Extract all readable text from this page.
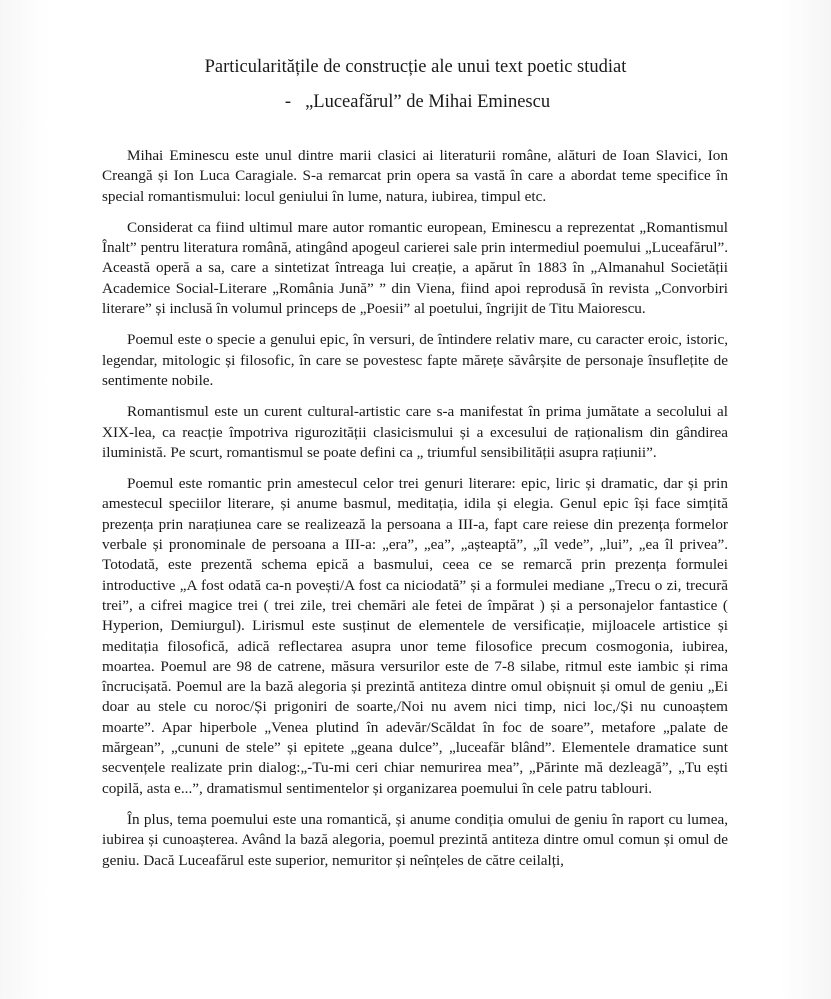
Particularitățile de construcție ale unui text poetic studiat
- „Luceafărul” de Mihai Eminescu

Mihai Eminescu este unul dintre marii clasici ai literaturii române, alături de Ioan Slavici, Ion Creangă și Ion Luca Caragiale. S-a remarcat prin opera sa vastă în care a abordat teme specifice în special romantismului: locul geniului în lume, natura, iubirea, timpul etc.

Considerat ca fiind ultimul mare autor romantic european, Eminescu a reprezentat „Romantismul Înalt” pentru literatura română, atingând apogeul carierei sale prin intermediul poemului „Luceafărul”. Această operă a sa, care a sintetizat întreaga lui creație, a apărut în 1883 în „Almanahul Societății Academice Social-Literare „România Jună” ” din Viena, fiind apoi reprodusă în revista „Convorbiri literare” și inclusă în volumul princeps de „Poesii” al poetului, îngrijit de Titu Maiorescu.

Poemul este o specie a genului epic, în versuri, de întindere relativ mare, cu caracter eroic, istoric, legendar, mitologic și filosofic, în care se povestesc fapte mărețe săvârșite de personaje însuflețite de sentimente nobile.

Romantismul este un curent cultural-artistic care s-a manifestat în prima jumătate a secolului al XIX-lea, ca reacție împotriva rigurozității clasicismului și a excesului de raționalism din gândirea iluministă. Pe scurt, romantismul se poate defini ca „ triumful sensibilității asupra rațiunii”.

Poemul este romantic prin amestecul celor trei genuri literare: epic, liric și dramatic, dar și prin amestecul speciilor literare, și anume basmul, meditația, idila și elegia. Genul epic își face simțită prezența prin narațiunea care se realizează la persoana a III-a, fapt care reiese din prezența formelor verbale și pronominale de persoana a III-a: „era”, „ea”, „așteaptă”, „îl vede”, „lui”, „ea îl privea”. Totodată, este prezentă schema epică a basmului, ceea ce se remarcă prin prezența formulei introductive „A fost odată ca-n povești/A fost ca niciodată” și a formulei mediane „Trecu o zi, trecură trei”, a cifrei magice trei ( trei zile, trei chemări ale fetei de împărat ) și a personajelor fantastice ( Hyperion, Demiurgul). Lirismul este susținut de elementele de versificație, mijloacele artistice și meditația filosofică, adică reflectarea asupra unor teme filosofice precum cosmogonia, iubirea, moartea. Poemul are 98 de catrene, măsura versurilor este de 7-8 silabe, ritmul este iambic și rima încrucișată. Poemul are la bază alegoria și prezintă antiteza dintre omul obișnuit și omul de geniu „Ei doar au stele cu noroc/Și prigoniri de soarte,/Noi nu avem nici timp, nici loc,/Și nu cunoaștem moarte”. Apar hiperbole „Venea plutind în adevăr/Scăldat în foc de soare”, metafore „palate de mărgean”, „cununi de stele” și epitete „geana dulce”, „luceafăr blând”. Elementele dramatice sunt secvențele realizate prin dialog:„-Tu-mi ceri chiar nemurirea mea”, „Părinte mă dezleagă”, „Tu ești copilă, asta e...”, dramatismul sentimentelor și organizarea poemului în cele patru tablouri.

În plus, tema poemului este una romantică, și anume condiția omului de geniu în raport cu lumea, iubirea și cunoașterea. Având la bază alegoria, poemul prezintă antiteza dintre omul comun și omul de geniu. Dacă Luceafărul este superior, nemuritor și neînțeles de către ceilalți,
